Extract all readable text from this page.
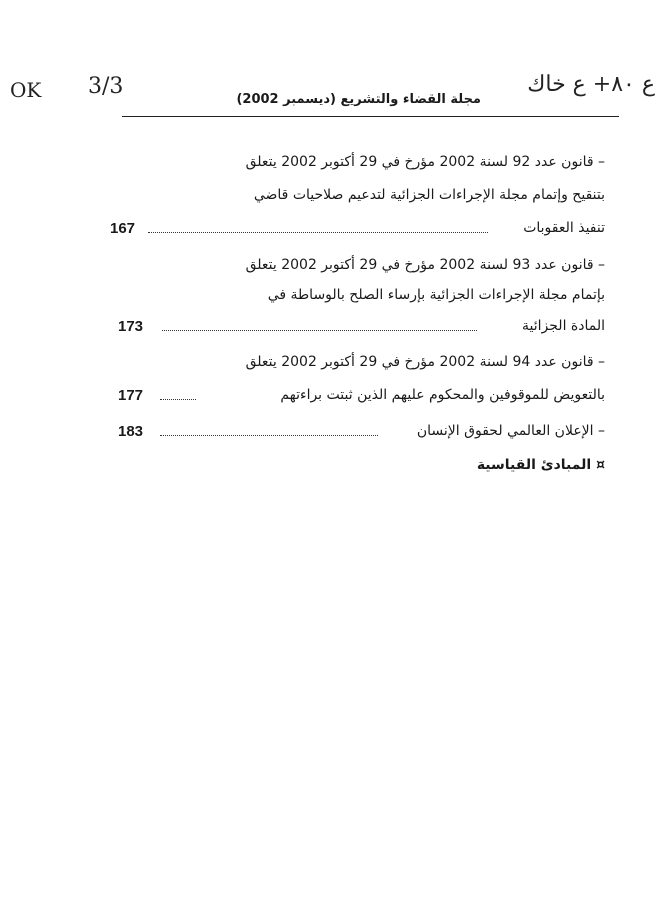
OK 3/3	ع ٨٠+ ع خاك
مجلة القضاء والتشريع (ديسمبر 2002)
– قانون عدد 92 لسنة 2002 مؤرخ في 29 أكتوبر 2002 يتعلق
بتنقيح وإتمام مجلة الإجراءات الجزائية لتدعيم صلاحيات قاضي
تنفيذ العقوبات
167
– قانون عدد 93 لسنة 2002 مؤرخ في 29 أكتوبر 2002 يتعلق
بإتمام مجلة الإجراءات الجزائية بإرساء الصلح بالوساطة في
المادة الجزائية
173
– قانون عدد 94 لسنة 2002 مؤرخ في 29 أكتوبر 2002 يتعلق
بالتعويض للموقوفين والمحكوم عليهم الذين ثبتت براءتهم
177
– الإعلان العالمي لحقوق الإنسان
183
¤ المبادئ القياسية
